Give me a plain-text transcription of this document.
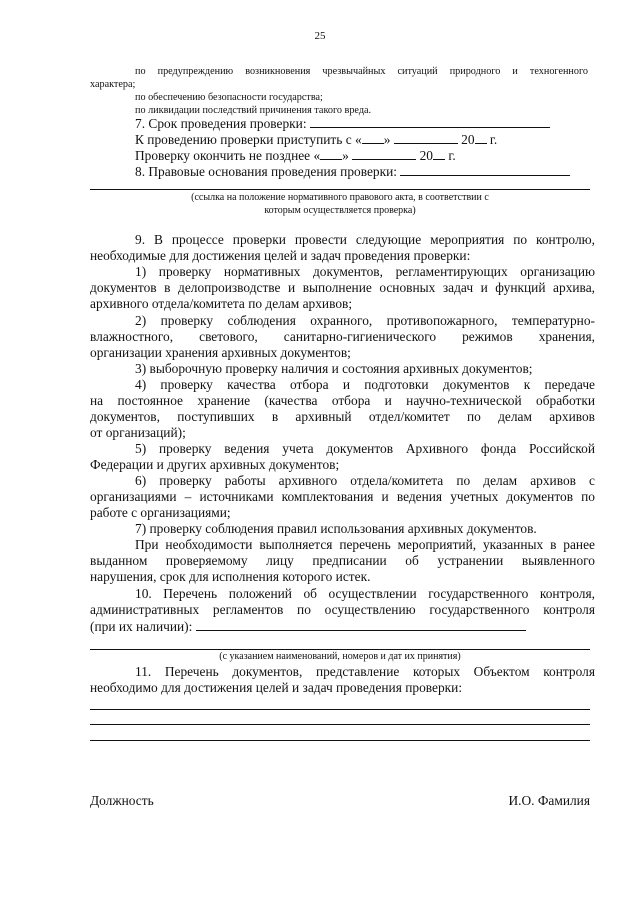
25
по предупреждению возникновения чрезвычайных ситуаций природного и техногенного
характера;
по обеспечению безопасности государства;
по ликвидации последствий причинения такого вреда.
7. Срок проведения проверки:
К проведению проверки приступить с « »	20 г.
Проверку окончить не позднее « »	20 г.
8. Правовые основания проведения проверки:
(ссылка на положение нормативного правового акта, в соответствии с
которым осуществляется проверка)
9. В процессе проверки провести следующие мероприятия по контролю,
необходимые для достижения целей и задач проведения проверки:
1) проверку нормативных документов, регламентирующих организацию
документов в делопроизводстве и выполнение основных задач и функций архива,
архивного отдела/комитета по делам архивов;
2) проверку соблюдения охранного, противопожарного, температурно-
влажностного, светового, санитарно-гигиенического режимов хранения,
организации хранения архивных документов;
3) выборочную проверку наличия и состояния архивных документов;
4) проверку качества отбора и подготовки документов к передаче
на постоянное хранение (качества отбора и научно-технической обработки
документов, поступивших в архивный отдел/комитет по делам архивов
от организаций);
5) проверку ведения учета документов Архивного фонда Российской
Федерации и других архивных документов;
6) проверку работы архивного отдела/комитета по делам архивов с
организациями – источниками комплектования и ведения учетных документов по
работе с организациями;
7) проверку соблюдения правил использования архивных документов.
При необходимости выполняется перечень мероприятий, указанных в ранее
выданном проверяемому лицу предписании об устранении выявленного
нарушения, срок для исполнения которого истек.
10. Перечень положений об осуществлении государственного контроля,
административных регламентов по осуществлению государственного контроля
(при их наличии):
(с указанием наименований, номеров и дат их принятия)
11. Перечень документов, представление которых Объектом контроля
необходимо для достижения целей и задач проведения проверки:
Должность	И.О. Фамилия
